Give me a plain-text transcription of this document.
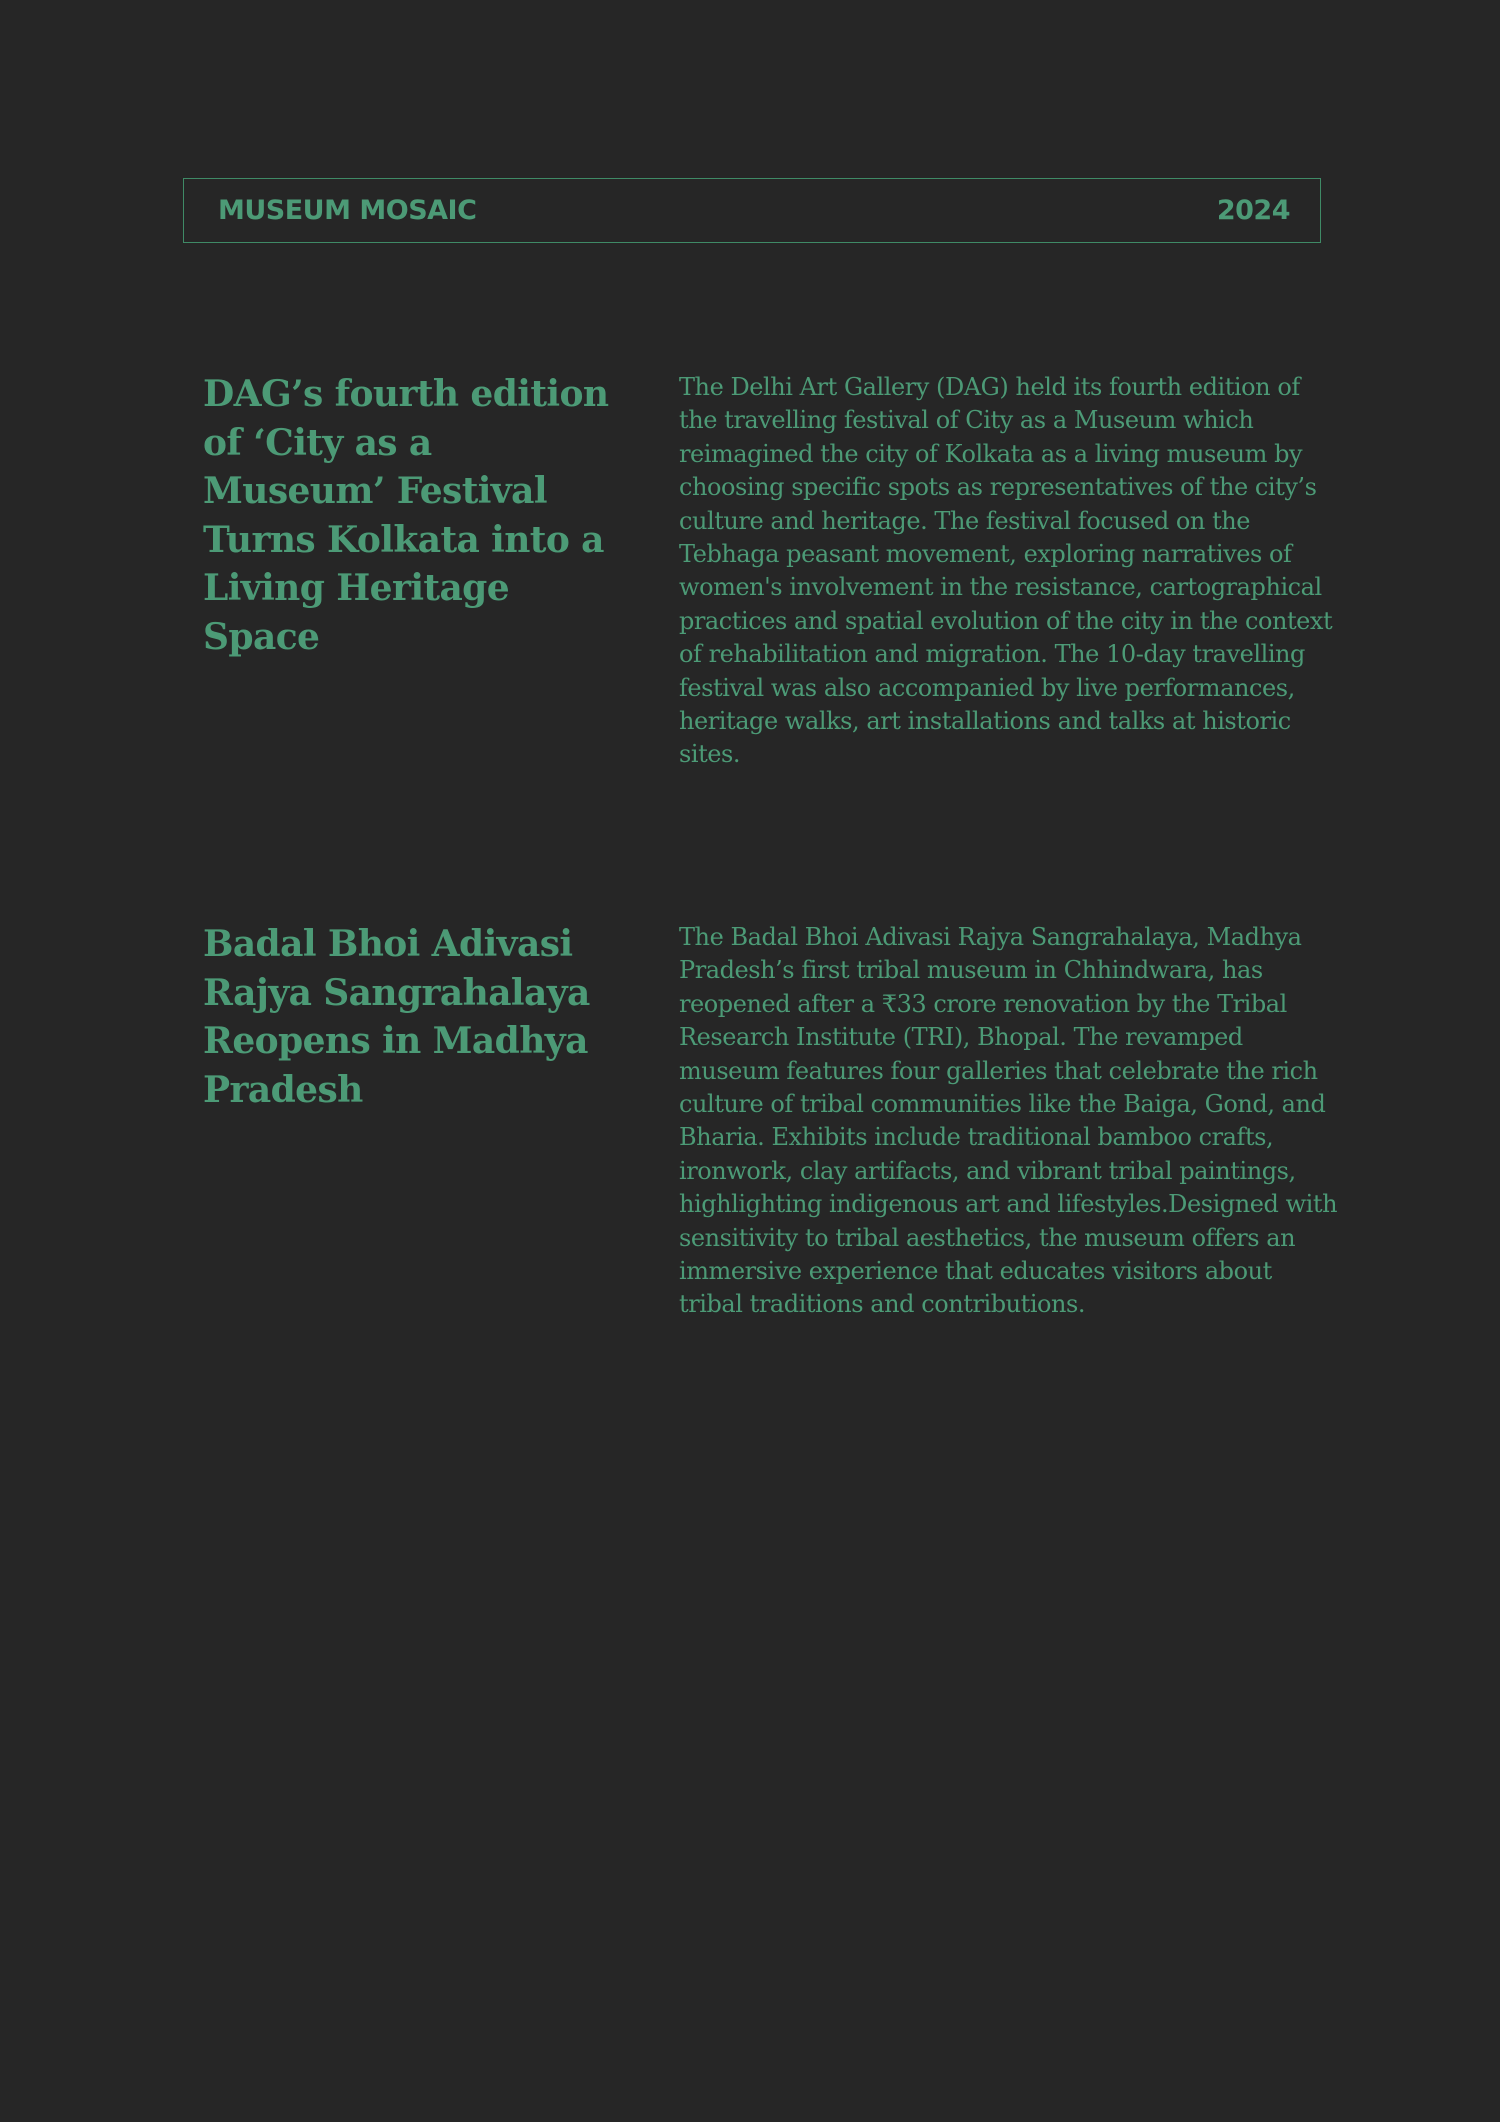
MUSEUM MOSAIC	2024
DAG’s fourth edition of ‘City as a Museum’ Festival Turns Kolkata into a Living Heritage Space

The Delhi Art Gallery (DAG) held its fourth edition of the travelling festival of City as a Museum which reimagined the city of Kolkata as a living museum by choosing specific spots as representatives of the city’s culture and heritage. The festival focused on the Tebhaga peasant movement, exploring narratives of women's involvement in the resistance, cartographical practices and spatial evolution of the city in the context of rehabilitation and migration. The 10-day travelling festival was also accompanied by live performances, heritage walks, art installations and talks at historic sites.

Badal Bhoi Adivasi Rajya Sangrahalaya Reopens in Madhya Pradesh

The Badal Bhoi Adivasi Rajya Sangrahalaya, Madhya Pradesh’s first tribal museum in Chhindwara, has reopened after a ₹33 crore renovation by the Tribal Research Institute (TRI), Bhopal. The revamped museum features four galleries that celebrate the rich culture of tribal communities like the Baiga, Gond, and Bharia. Exhibits include traditional bamboo crafts, ironwork, clay artifacts, and vibrant tribal paintings, highlighting indigenous art and lifestyles.Designed with sensitivity to tribal aesthetics, the museum offers an immersive experience that educates visitors about tribal traditions and contributions.
